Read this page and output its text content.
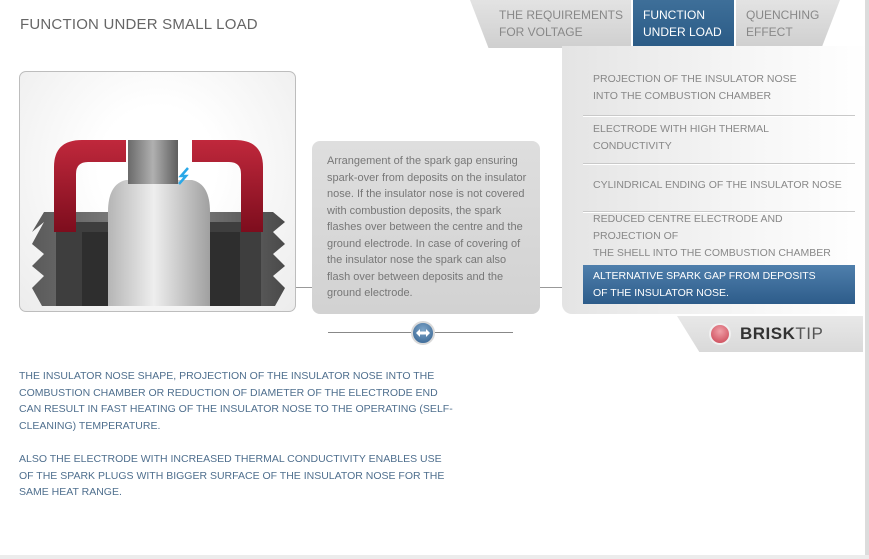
FUNCTION UNDER SMALL LOAD
THE REQUIREMENTS
FOR VOLTAGE
FUNCTION
UNDER LOAD
QUENCHING
EFFECT
Arrangement of the spark gap ensuring spark-over from deposits on the insulator nose. If the insulator nose is not covered with combustion deposits, the spark flashes over between the centre and the ground electrode. In case of covering of the insulator nose the spark can also flash over between deposits and the ground electrode.
PROJECTION OF THE INSULATOR NOSE
INTO THE COMBUSTION CHAMBER
ELECTRODE WITH HIGH THERMAL
CONDUCTIVITY
CYLINDRICAL ENDING OF THE INSULATOR NOSE
REDUCED CENTRE ELECTRODE AND PROJECTION OF
THE SHELL INTO THE COMBUSTION CHAMBER
ALTERNATIVE SPARK GAP FROM DEPOSITS
OF THE INSULATOR NOSE.
BRISKTIP
THE INSULATOR NOSE SHAPE, PROJECTION OF THE INSULATOR NOSE INTO THE COMBUSTION CHAMBER OR REDUCTION OF DIAMETER OF THE ELECTRODE END CAN RESULT IN FAST HEATING OF THE INSULATOR NOSE TO THE OPERATING (SELF-CLEANING) TEMPERATURE.
ALSO THE ELECTRODE WITH INCREASED THERMAL CONDUCTIVITY ENABLES USE OF THE SPARK PLUGS WITH BIGGER SURFACE OF THE INSULATOR NOSE FOR THE SAME HEAT RANGE.
